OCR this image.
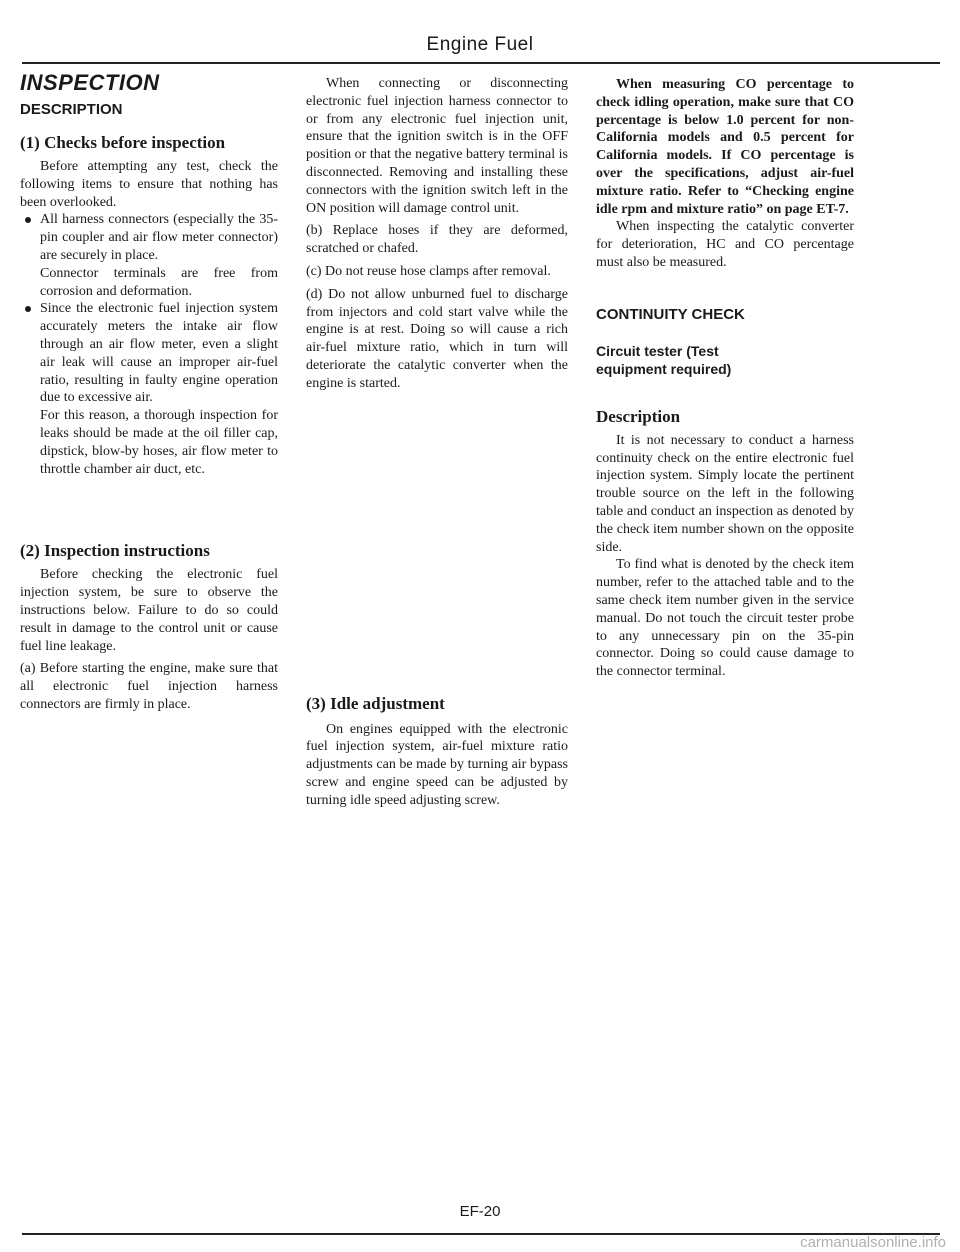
Engine Fuel
INSPECTION
DESCRIPTION
(1) Checks before inspection

Before attempting any test, check the following items to ensure that nothing has been overlooked.

All harness connectors (especially the 35-pin coupler and air flow meter connector) are securely in place.

Connector terminals are free from corrosion and deformation.

Since the electronic fuel injection system accurately meters the intake air flow through an air flow meter, even a slight air leak will cause an improper air-fuel ratio, resulting in faulty engine operation due to excessive air.

For this reason, a thorough inspection for leaks should be made at the oil filler cap, dipstick, blow-by hoses, air flow meter to throttle chamber air duct, etc.

(2) Inspection instructions

Before checking the electronic fuel injection system, be sure to observe the instructions below. Failure to do so could result in damage to the control unit or cause fuel line leakage.

(a) Before starting the engine, make sure that all electronic fuel injection harness connectors are firmly in place.

When connecting or disconnecting electronic fuel injection harness connector to or from any electronic fuel injection unit, ensure that the ignition switch is in the OFF position or that the negative battery terminal is disconnected. Removing and installing these connectors with the ignition switch left in the ON position will damage control unit.

(b) Replace hoses if they are deformed, scratched or chafed.

(c) Do not reuse hose clamps after removal.

(d) Do not allow unburned fuel to discharge from injectors and cold start valve while the engine is at rest. Doing so will cause a rich air-fuel mixture ratio, which in turn will deteriorate the catalytic converter when the engine is started.

(3) Idle adjustment

On engines equipped with the electronic fuel injection system, air-fuel mixture ratio adjustments can be made by turning air bypass screw and engine speed can be adjusted by turning idle speed adjusting screw.

When measuring CO percentage to check idling operation, make sure that CO percentage is below 1.0 percent for non-California models and 0.5 percent for California models. If CO percentage is over the specifications, adjust air-fuel mixture ratio. Refer to “Checking engine idle rpm and mixture ratio” on page ET-7.

When inspecting the catalytic converter for deterioration, HC and CO percentage must also be measured.

CONTINUITY CHECK
Circuit tester (Test equipment required)
Description

It is not necessary to conduct a harness continuity check on the entire electronic fuel injection system. Simply locate the pertinent trouble source on the left in the following table and conduct an inspection as denoted by the check item number shown on the opposite side.

To find what is denoted by the check item number, refer to the attached table and to the same check item number given in the service manual. Do not touch the circuit tester probe to any unnecessary pin on the 35-pin connector. Doing so could cause damage to the connector terminal.

EF-20
carmanualsonline.info
